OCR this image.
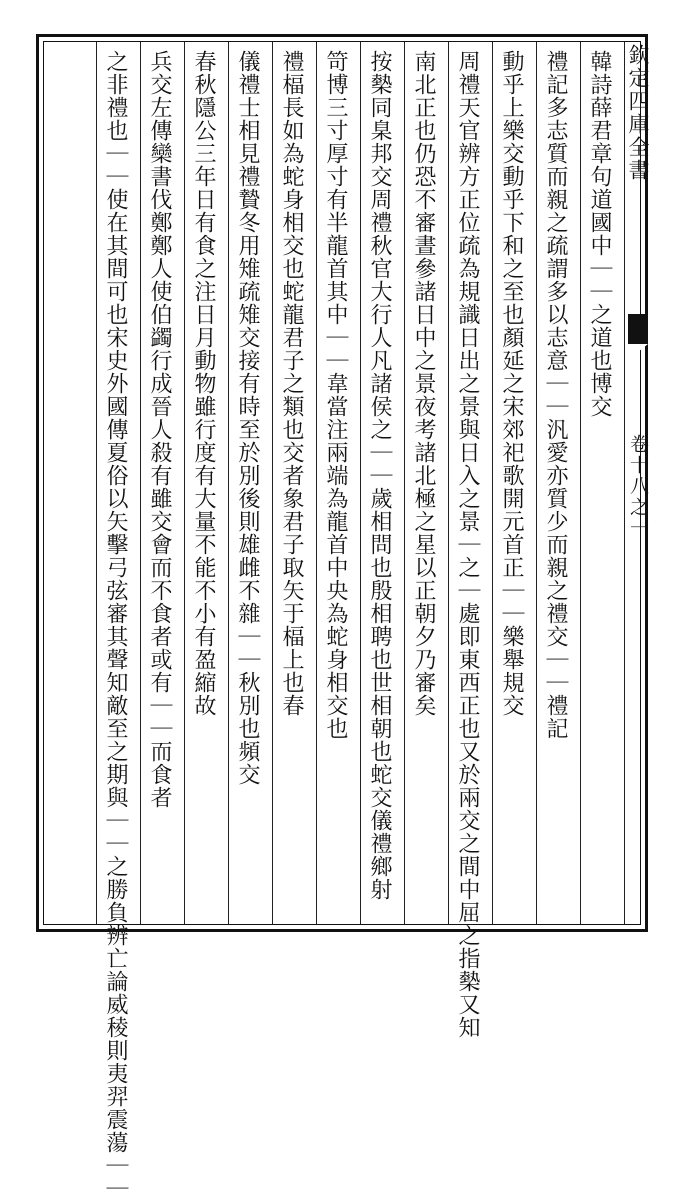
欽定四庫全書
卷十八之一
韓詩薛君章句道國中｜｜之道也博交
禮記多志質而親之疏謂多以志意｜｜汎愛亦質少而親之禮交｜｜禮記
動乎上樂交動乎下和之至也顏延之宋郊祀歌開元首正｜｜樂舉規交
周禮天官辨方正位疏為規識日出之景與日入之景｜之｜處即東西正也又於兩交之間中屈之指槷又知
南北正也仍恐不審晝參諸日中之景夜考諸北極之星以正朝夕乃審矣
按槷同臬邦交周禮秋官大行人凡諸侯之｜｜歲相問也殷相聘也世相朝也蛇交儀禮鄉射
笴博三寸厚寸有半龍首其中｜｜韋當注兩端為龍首中央為蛇身相交也
禮楅長如為蛇身相交也蛇龍君子之類也交者象君子取矢于楅上也春
儀禮士相見禮贄冬用雉疏雉交接有時至於別後則雄雌不雜｜｜秋別也頻交
春秋隱公三年日有食之注日月動物雖行度有大量不能不小有盈縮故
兵交左傳欒書伐鄭鄭人使伯蠲行成晉人殺有雖交會而不食者或有｜｜而食者
之非禮也｜｜使在其間可也宋史外國傳夏俗以矢擊弓弦審其聲知敵至之期與｜｜之勝負辨亡論威稜則夷羿震蕩｜｜
